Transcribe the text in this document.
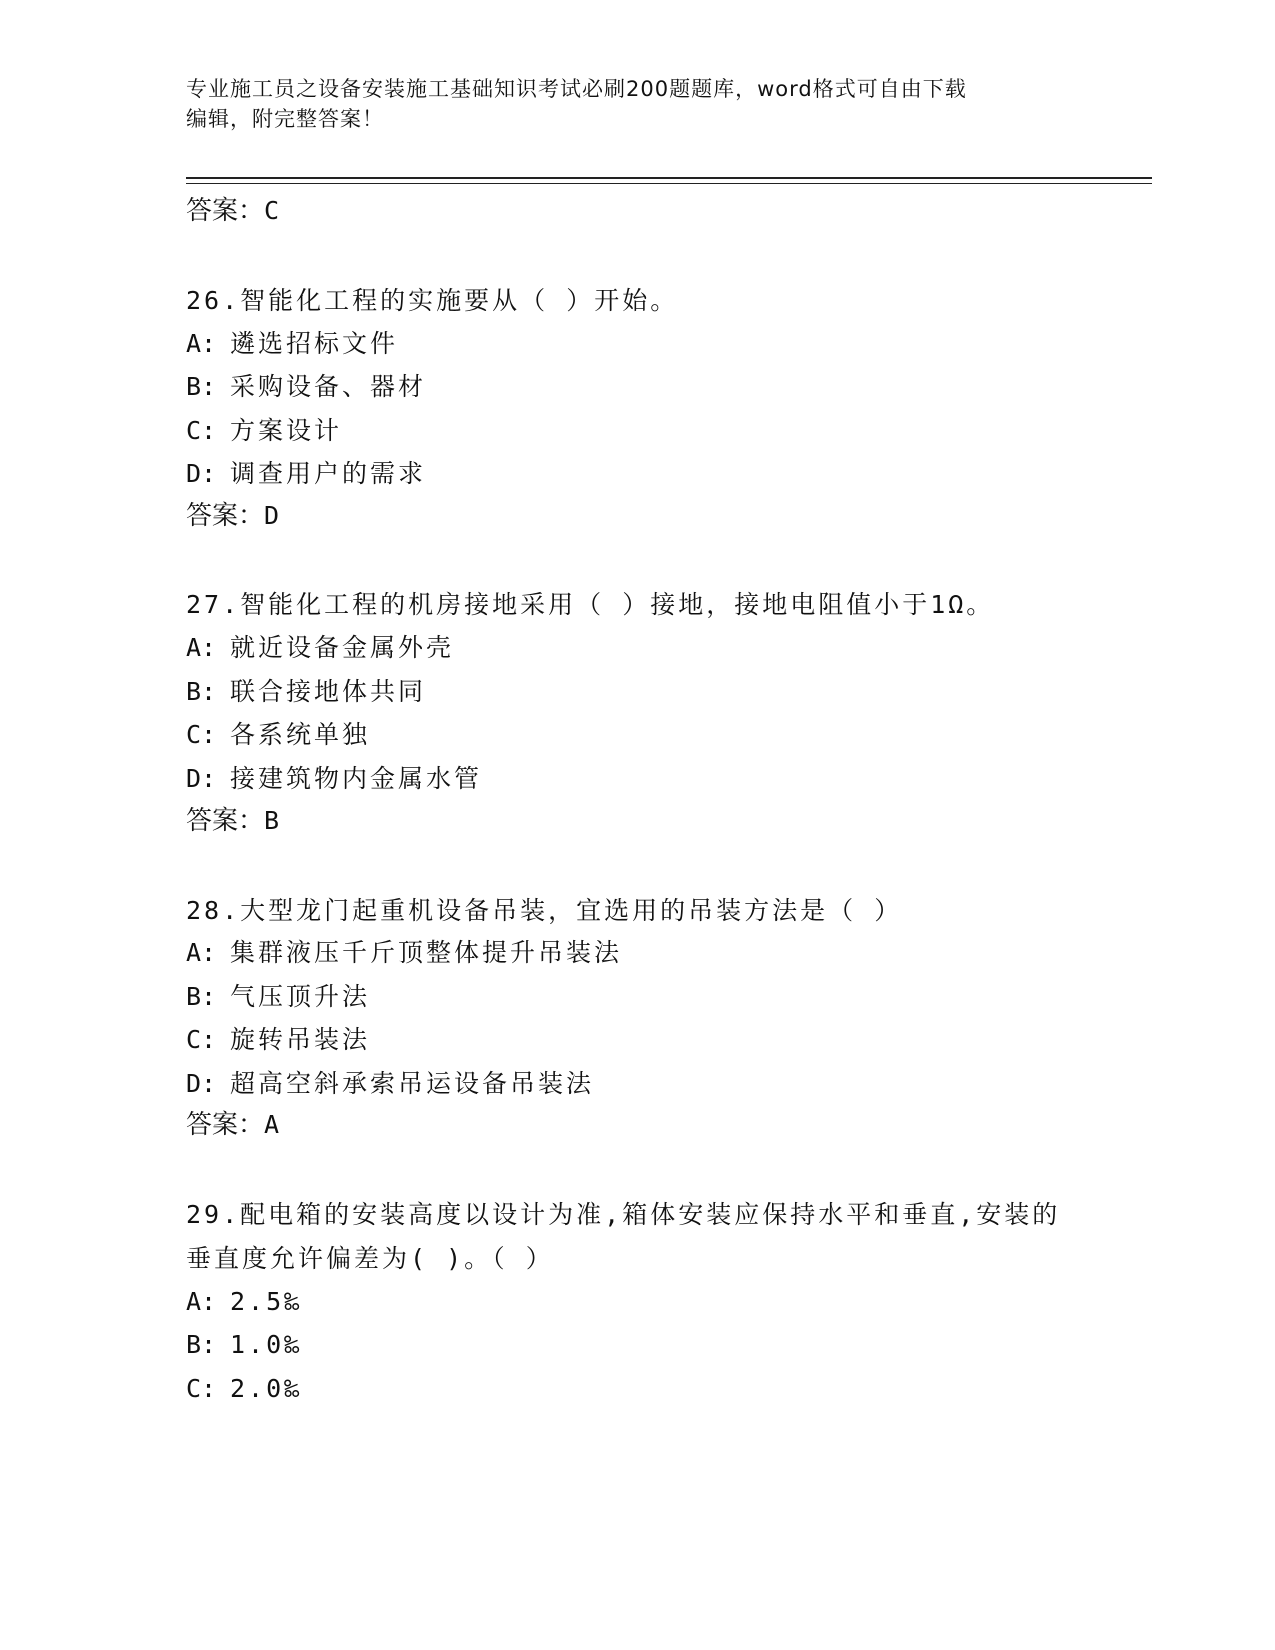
专业施工员之设备安装施工基础知识考试必刷200题题库，word格式可自由下载
编辑，附完整答案！
答案：C
26.智能化工程的实施要从（ ）开始。
A: 遴选招标文件
B: 采购设备、器材
C: 方案设计
D: 调查用户的需求
答案：D
27.智能化工程的机房接地采用（ ）接地，接地电阻值小于1Ω。
A: 就近设备金属外壳
B: 联合接地体共同
C: 各系统单独
D: 接建筑物内金属水管
答案：B
28.大型龙门起重机设备吊装，宜选用的吊装方法是（ ）
A: 集群液压千斤顶整体提升吊装法
B: 气压顶升法
C: 旋转吊装法
D: 超高空斜承索吊运设备吊装法
答案：A
29.配电箱的安装高度以设计为准,箱体安装应保持水平和垂直,安装的
垂直度允许偏差为( )。（ ）
A: 2.5‰
B: 1.0‰
C: 2.0‰
